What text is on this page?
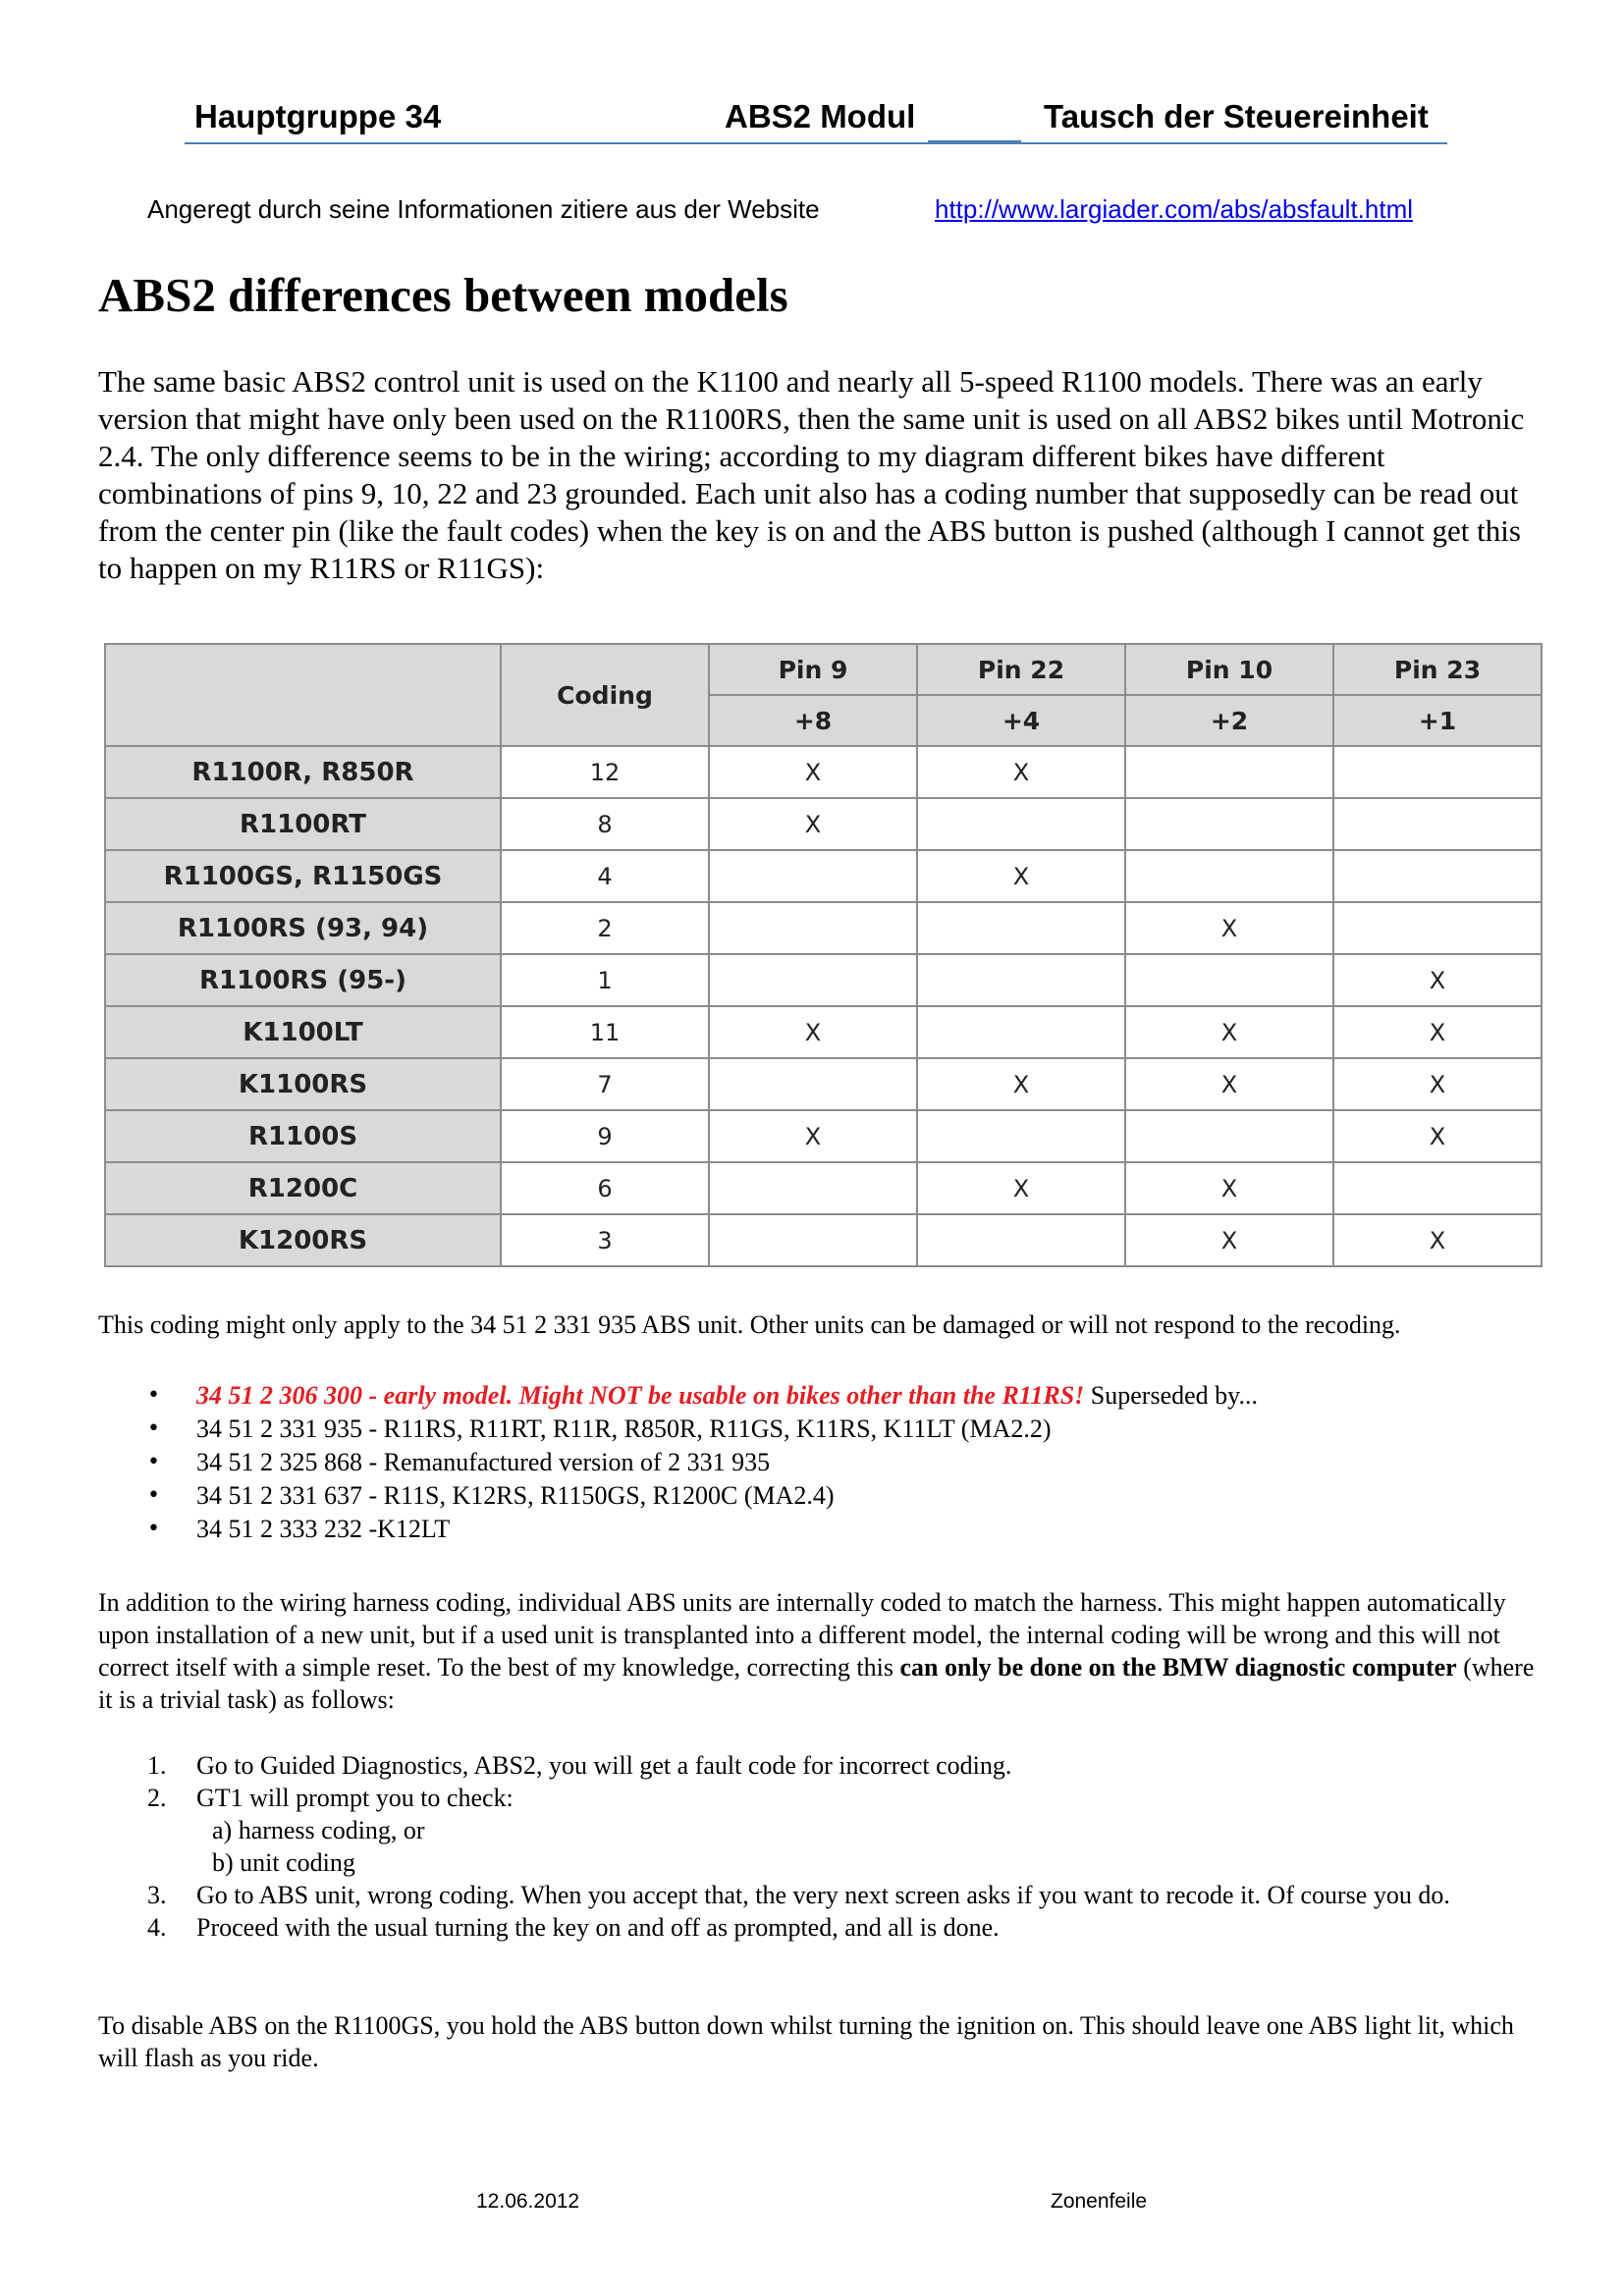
Hauptgruppe 34	ABS2 Modul	Tausch der Steuereinheit
Angeregt durch seine Informationen zitiere aus der Website	http://www.largiader.com/abs/absfault.html
ABS2 differences between models
The same basic ABS2 control unit is used on the K1100 and nearly all 5-speed R1100 models. There was an early version that might have only been used on the R1100RS, then the same unit is used on all ABS2 bikes until Motronic 2.4. The only difference seems to be in the wiring; according to my diagram different bikes have different combinations of pins 9, 10, 22 and 23 grounded. Each unit also has a coding number that supposedly can be read out from the center pin (like the fault codes) when the key is on and the ABS button is pushed (although I cannot get this to happen on my R11RS or R11GS):
	Coding	Pin 9	Pin 22	Pin 10	Pin 23
		+8	+4	+2	+1
R1100R, R850R	12	X	X		
R1100RT	8	X			
R1100GS, R1150GS	4		X		
R1100RS (93, 94)	2			X	
R1100RS (95-)	1				X
K1100LT	11	X		X	X
K1100RS	7		X	X	X
R1100S	9	X			X
R1200C	6		X	X	
K1200RS	3			X	X
This coding might only apply to the 34 51 2 331 935 ABS unit. Other units can be damaged or will not respond to the recoding.
• 34 51 2 306 300 - early model. Might NOT be usable on bikes other than the R11RS! Superseded by...
• 34 51 2 331 935 - R11RS, R11RT, R11R, R850R, R11GS, K11RS, K11LT (MA2.2)
• 34 51 2 325 868 - Remanufactured version of 2 331 935
• 34 51 2 331 637 - R11S, K12RS, R1150GS, R1200C (MA2.4)
• 34 51 2 333 232 -K12LT
In addition to the wiring harness coding, individual ABS units are internally coded to match the harness. This might happen automatically upon installation of a new unit, but if a used unit is transplanted into a different model, the internal coding will be wrong and this will not correct itself with a simple reset. To the best of my knowledge, correcting this can only be done on the BMW diagnostic computer (where it is a trivial task) as follows:
1. Go to Guided Diagnostics, ABS2, you will get a fault code for incorrect coding.
2. GT1 will prompt you to check:
a) harness coding, or
b) unit coding
3. Go to ABS unit, wrong coding. When you accept that, the very next screen asks if you want to recode it. Of course you do.
4. Proceed with the usual turning the key on and off as prompted, and all is done.
To disable ABS on the R1100GS, you hold the ABS button down whilst turning the ignition on. This should leave one ABS light lit, which will flash as you ride.
12.06.2012	Zonenfeile
